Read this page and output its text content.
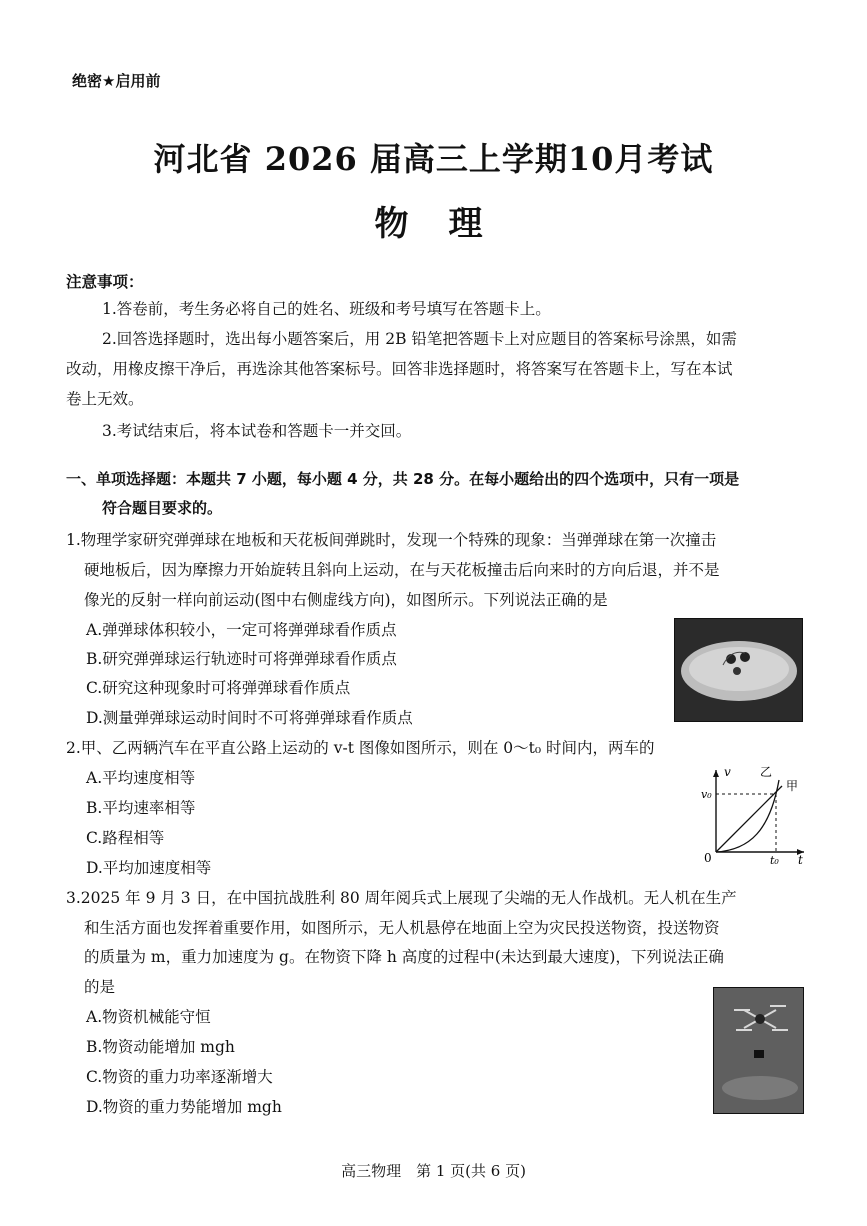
绝密★启用前
河北省 2026 届高三上学期10月考试
物理
注意事项：
1.答卷前，考生务必将自己的姓名、班级和考号填写在答题卡上。
2.回答选择题时，选出每小题答案后，用 2B 铅笔把答题卡上对应题目的答案标号涂黑，如需
改动，用橡皮擦干净后，再选涂其他答案标号。回答非选择题时，将答案写在答题卡上，写在本试
卷上无效。
3.考试结束后，将本试卷和答题卡一并交回。
一、单项选择题：本题共 7 小题，每小题 4 分，共 28 分。在每小题给出的四个选项中，只有一项是
符合题目要求的。
1.物理学家研究弹弹球在地板和天花板间弹跳时，发现一个特殊的现象：当弹弹球在第一次撞击
硬地板后，因为摩擦力开始旋转且斜向上运动，在与天花板撞击后向来时的方向后退，并不是
像光的反射一样向前运动(图中右侧虚线方向)，如图所示。下列说法正确的是
A.弹弹球体积较小，一定可将弹弹球看作质点
B.研究弹弹球运行轨迹时可将弹弹球看作质点
C.研究这种现象时可将弹弹球看作质点
D.测量弹弹球运动时间时不可将弹弹球看作质点
2.甲、乙两辆汽车在平直公路上运动的 v-t 图像如图所示，则在 0～t₀ 时间内，两车的
A.平均速度相等
B.平均速率相等
C.路程相等
D.平均加速度相等
v
t
v₀
t₀
0
乙
甲
3.2025 年 9 月 3 日，在中国抗战胜利 80 周年阅兵式上展现了尖端的无人作战机。无人机在生产
和生活方面也发挥着重要作用，如图所示，无人机悬停在地面上空为灾民投送物资，投送物资
的质量为 m，重力加速度为 g。在物资下降 h 高度的过程中(未达到最大速度)，下列说法正确
的是
A.物资机械能守恒
B.物资动能增加 mgh
C.物资的重力功率逐渐增大
D.物资的重力势能增加 mgh
高三物理　第 1 页(共 6 页)
